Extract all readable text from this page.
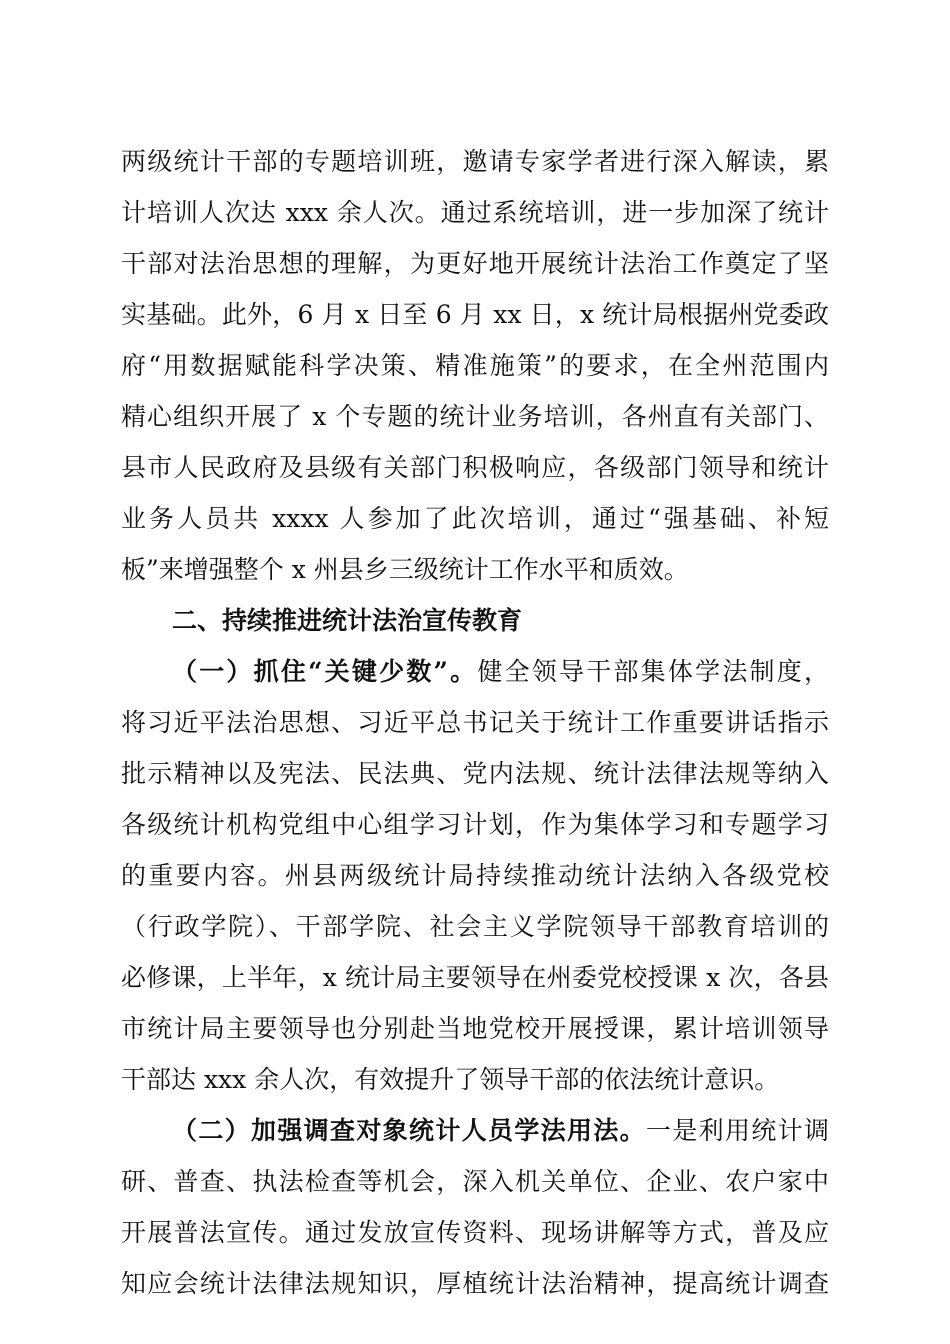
两级统计干部的专题培训班，邀请专家学者进行深入解读，累
计培训人次达 xxx 余人次。通过系统培训，进一步加深了统计
干部对法治思想的理解，为更好地开展统计法治工作奠定了坚
实基础。此外，6 月 x 日至 6 月 xx 日，x 统计局根据州党委政
府“用数据赋能科学决策、精准施策”的要求，在全州范围内
精心组织开展了 x 个专题的统计业务培训，各州直有关部门、
县市人民政府及县级有关部门积极响应，各级部门领导和统计
业务人员共 xxxx 人参加了此次培训，通过“强基础、补短
板”来增强整个 x 州县乡三级统计工作水平和质效。
二、持续推进统计法治宣传教育
（一）抓住“关键少数”。健全领导干部集体学法制度，
将习近平法治思想、习近平总书记关于统计工作重要讲话指示
批示精神以及宪法、民法典、党内法规、统计法律法规等纳入
各级统计机构党组中心组学习计划，作为集体学习和专题学习
的重要内容。州县两级统计局持续推动统计法纳入各级党校
（行政学院）、干部学院、社会主义学院领导干部教育培训的
必修课，上半年，x 统计局主要领导在州委党校授课 x 次，各县
市统计局主要领导也分别赴当地党校开展授课，累计培训领导
干部达 xxx 余人次，有效提升了领导干部的依法统计意识。
（二）加强调查对象统计人员学法用法。一是利用统计调
研、普查、执法检查等机会，深入机关单位、企业、农户家中
开展普法宣传。通过发放宣传资料、现场讲解等方式，普及应
知应会统计法律法规知识，厚植统计法治精神，提高统计调查
